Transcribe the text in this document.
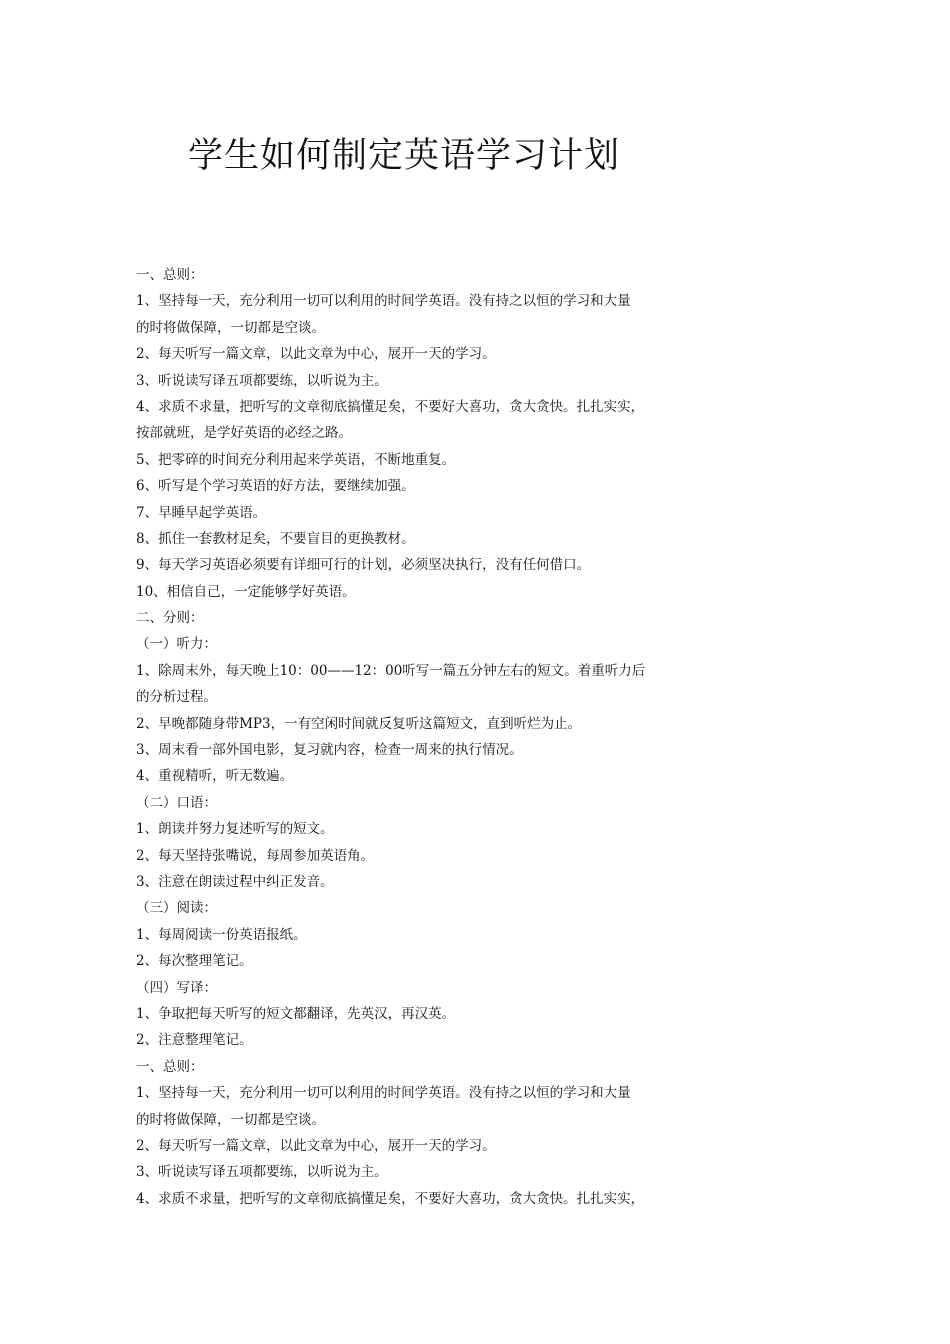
学生如何制定英语学习计划
一、总则：
1、坚持每一天，充分利用一切可以利用的时间学英语。没有持之以恒的学习和大量
的时将做保障，一切都是空谈。
2、每天听写一篇文章，以此文章为中心，展开一天的学习。
3、听说读写译五项都要练，以听说为主。
4、求质不求量，把听写的文章彻底搞懂足矣，不要好大喜功，贪大贪快。扎扎实实，
按部就班，是学好英语的必经之路。
5、把零碎的时间充分利用起来学英语，不断地重复。
6、听写是个学习英语的好方法，要继续加强。
7、早睡早起学英语。
8、抓住一套教材足矣，不要盲目的更换教材。
9、每天学习英语必须要有详细可行的计划，必须坚决执行，没有任何借口。
10、相信自己，一定能够学好英语。
二、分则：
（一）听力：
1、除周末外，每天晚上10：00——12：00听写一篇五分钟左右的短文。着重听力后
的分析过程。
2、早晚都随身带MP3，一有空闲时间就反复听这篇短文，直到听烂为止。
3、周末看一部外国电影，复习就内容，检查一周来的执行情况。
4、重视精听，听无数遍。
（二）口语：
1、朗读并努力复述听写的短文。
2、每天坚持张嘴说，每周参加英语角。
3、注意在朗读过程中纠正发音。
（三）阅读：
1、每周阅读一份英语报纸。
2、每次整理笔记。
（四）写译：
1、争取把每天听写的短文都翻译，先英汉，再汉英。
2、注意整理笔记。
一、总则：
1、坚持每一天，充分利用一切可以利用的时间学英语。没有持之以恒的学习和大量
的时将做保障，一切都是空谈。
2、每天听写一篇文章，以此文章为中心，展开一天的学习。
3、听说读写译五项都要练，以听说为主。
4、求质不求量，把听写的文章彻底搞懂足矣，不要好大喜功，贪大贪快。扎扎实实，
